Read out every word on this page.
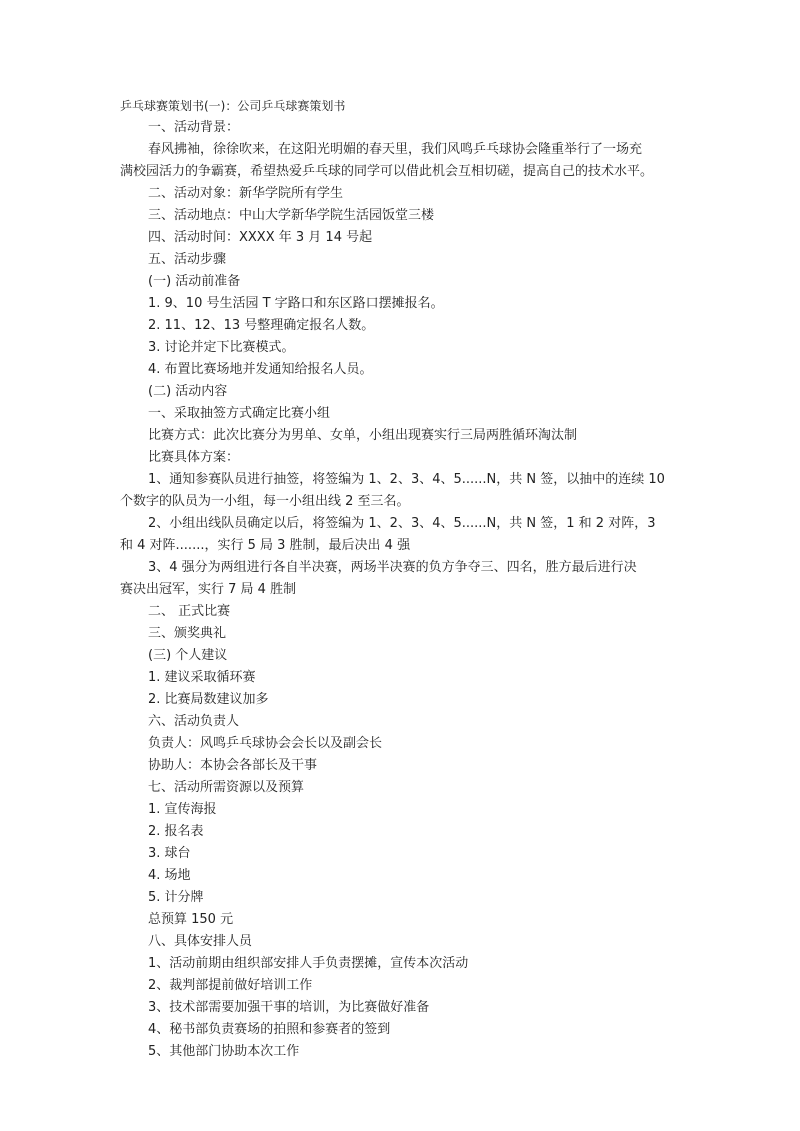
乒乓球赛策划书(一)：公司乒乓球赛策划书
一、活动背景：
春风拂袖，徐徐吹来，在这阳光明媚的春天里，我们风鸣乒乓球协会隆重举行了一场充
满校园活力的争霸赛，希望热爱乒乓球的同学可以借此机会互相切磋，提高自己的技术水平。
二、活动对象：新华学院所有学生
三、活动地点：中山大学新华学院生活园饭堂三楼
四、活动时间：XXXX 年 3 月 14 号起
五、活动步骤
(一) 活动前准备
1. 9、10 号生活园 T 字路口和东区路口摆摊报名。
2. 11、12、13 号整理确定报名人数。
3. 讨论并定下比赛模式。
4. 布置比赛场地并发通知给报名人员。
(二) 活动内容
一、采取抽签方式确定比赛小组
比赛方式：此次比赛分为男单、女单，小组出现赛实行三局两胜循环淘汰制
比赛具体方案：
1、通知参赛队员进行抽签，将签编为 1、2、3、4、5......N，共 N 签，以抽中的连续 10
个数字的队员为一小组，每一小组出线 2 至三名。
2、小组出线队员确定以后，将签编为 1、2、3、4、5......N，共 N 签，1 和 2 对阵，3
和 4 对阵.......，实行 5 局 3 胜制，最后决出 4 强
3、4 强分为两组进行各自半决赛，两场半决赛的负方争夺三、四名，胜方最后进行决
赛决出冠军，实行 7 局 4 胜制
二、 正式比赛
三、颁奖典礼
(三) 个人建议
1. 建议采取循环赛
2. 比赛局数建议加多
六、活动负责人
负责人：风鸣乒乓球协会会长以及副会长
协助人：本协会各部长及干事
七、活动所需资源以及预算
1. 宣传海报
2. 报名表
3. 球台
4. 场地
5. 计分牌
总预算 150 元
八、具体安排人员
1、活动前期由组织部安排人手负责摆摊，宣传本次活动
2、裁判部提前做好培训工作
3、技术部需要加强干事的培训，为比赛做好准备
4、秘书部负责赛场的拍照和参赛者的签到
5、其他部门协助本次工作
